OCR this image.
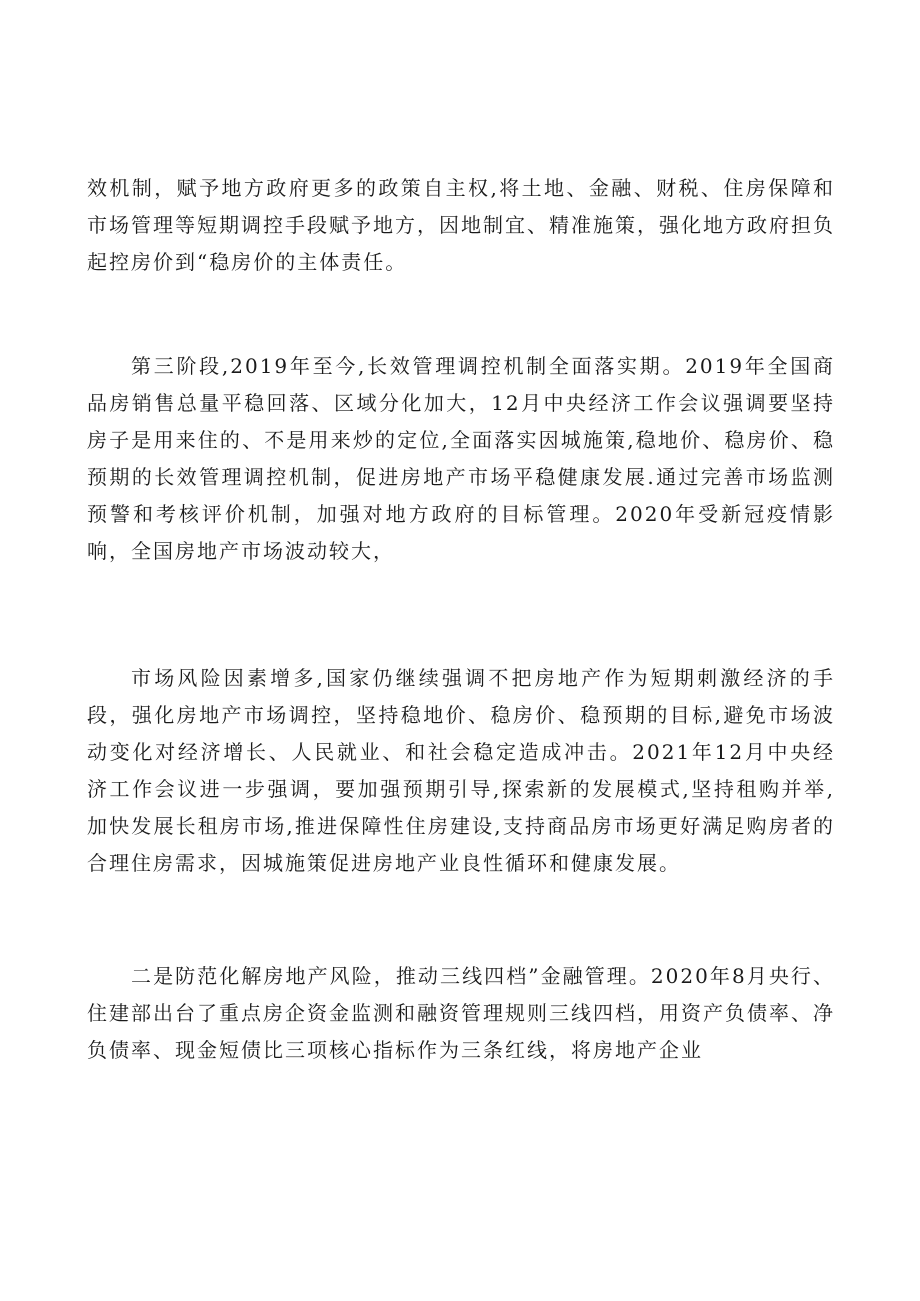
效机制，赋予地方政府更多的政策自主权,将土地、金融、财税、住房保障和市场管理等短期调控手段赋予地方，因地制宜、精准施策，强化地方政府担负起控房价到“稳房价的主体责任。

第三阶段,2019年至今,长效管理调控机制全面落实期。2019年全国商品房销售总量平稳回落、区域分化加大，12月中央经济工作会议强调要坚持房子是用来住的、不是用来炒的定位,全面落实因城施策,稳地价、稳房价、稳预期的长效管理调控机制，促进房地产市场平稳健康发展.通过完善市场监测预警和考核评价机制，加强对地方政府的目标管理。2020年受新冠疫情影响，全国房地产市场波动较大，

市场风险因素增多,国家仍继续强调不把房地产作为短期刺激经济的手段，强化房地产市场调控，坚持稳地价、稳房价、稳预期的目标,避免市场波动变化对经济增长、人民就业、和社会稳定造成冲击。2021年12月中央经济工作会议进一步强调，要加强预期引导,探索新的发展模式,坚持租购并举,加快发展长租房市场,推进保障性住房建设,支持商品房市场更好满足购房者的合理住房需求，因城施策促进房地产业良性循环和健康发展。

二是防范化解房地产风险，推动三线四档”金融管理。2020年8月央行、住建部出台了重点房企资金监测和融资管理规则三线四档，用资产负债率、净负债率、现金短债比三项核心指标作为三条红线，将房地产企业
